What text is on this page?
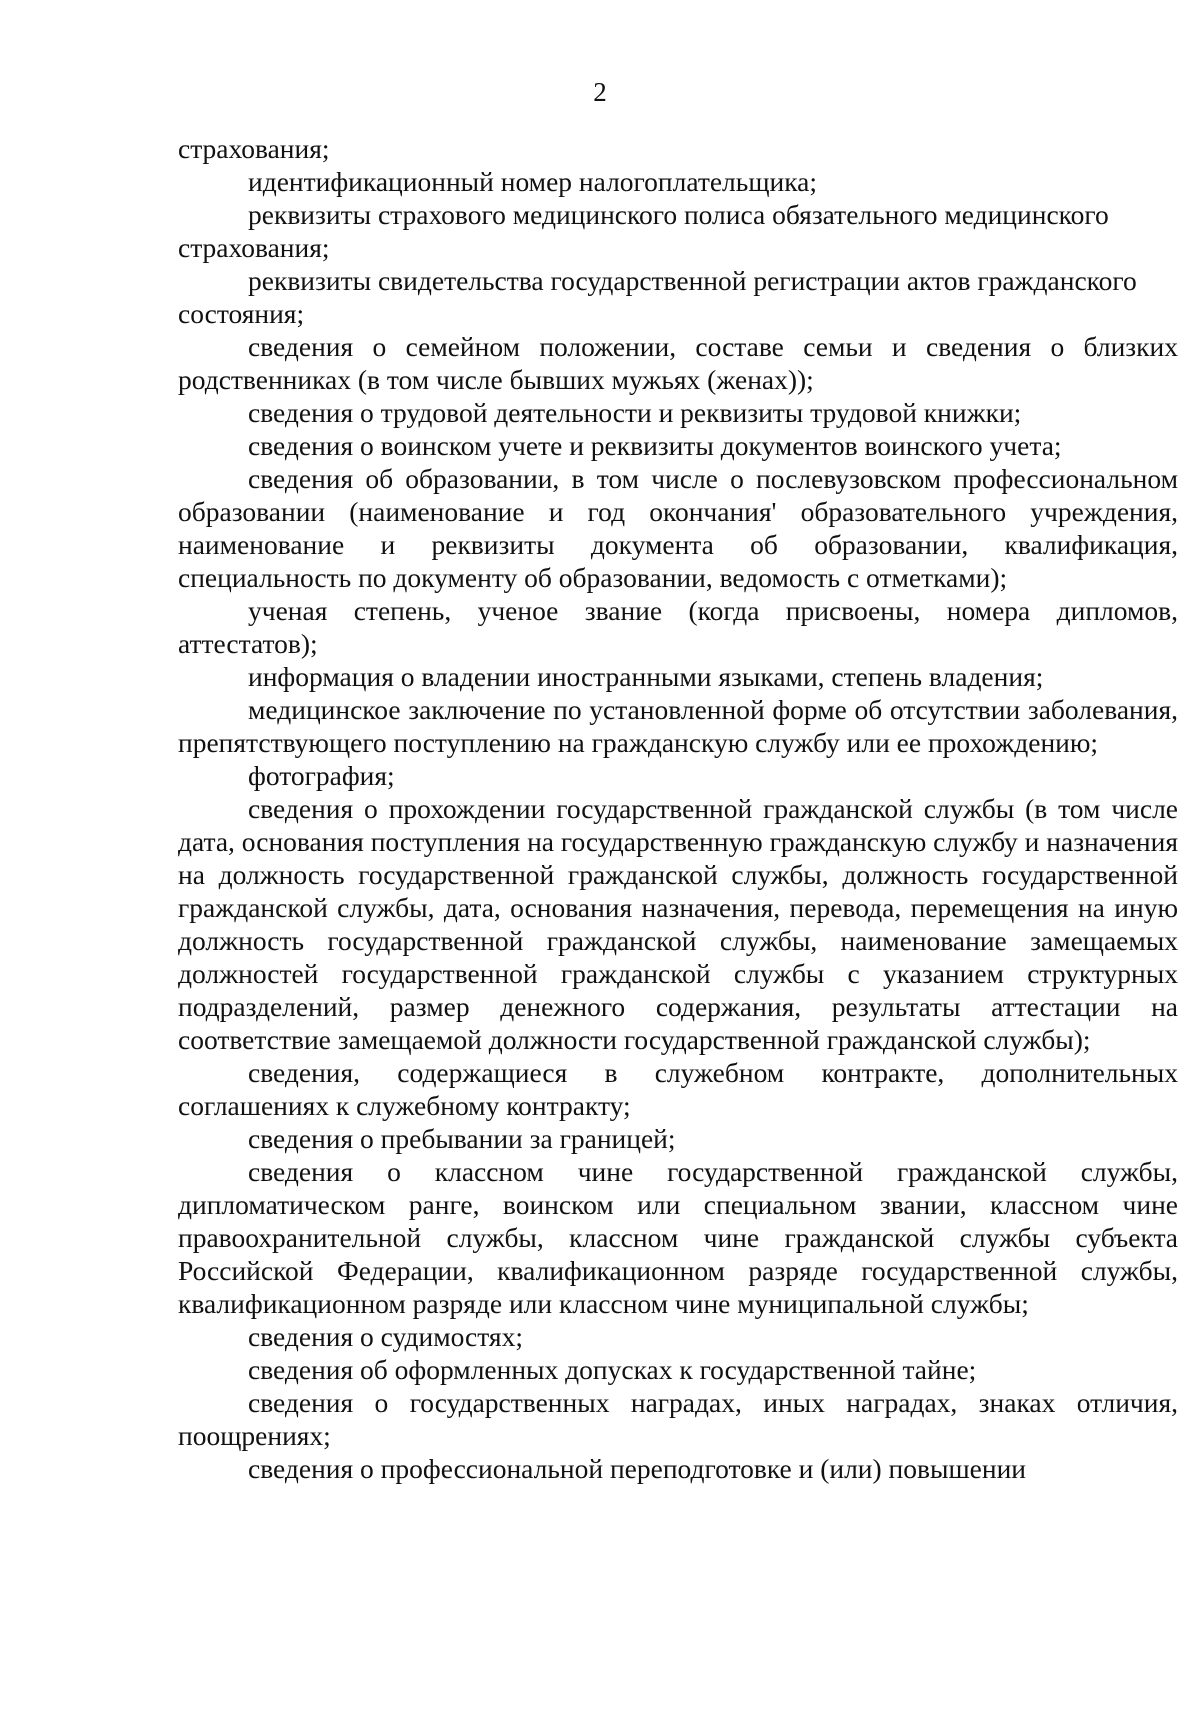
2

страхования;

идентификационный номер налогоплательщика;

реквизиты страхового медицинского полиса обязательного медицинского страхования;

реквизиты свидетельства государственной регистрации актов гражданского состояния;

сведения о семейном положении, составе семьи и сведения о близких родственниках (в том числе бывших мужьях (женах));

сведения о трудовой деятельности и реквизиты трудовой книжки;

сведения о воинском учете и реквизиты документов воинского учета;

сведения об образовании, в том числе о послевузовском профессиональном образовании (наименование и год окончания' образовательного учреждения, наименование и реквизиты документа об образовании, квалификация, специальность по документу об образовании, ведомость с отметками);

ученая степень, ученое звание (когда присвоены, номера дипломов, аттестатов);

информация о владении иностранными языками, степень владения;

медицинское заключение по установленной форме об отсутствии заболевания, препятствующего поступлению на гражданскую службу или ее прохождению;

фотография;

сведения о прохождении государственной гражданской службы (в том числе дата, основания поступления на государственную гражданскую службу и назначения на должность государственной гражданской службы, должность государственной гражданской службы, дата, основания назначения, перевода, перемещения на иную должность государственной гражданской службы, наименование замещаемых должностей государственной гражданской службы с указанием структурных подразделений, размер денежного содержания, результаты аттестации на соответствие замещаемой должности государственной гражданской службы);

сведения, содержащиеся в служебном контракте, дополнительных соглашениях к служебному контракту;

сведения о пребывании за границей;

сведения о классном чине государственной гражданской службы, дипломатическом ранге, воинском или специальном звании, классном чине правоохранительной службы, классном чине гражданской службы субъекта Российской Федерации, квалификационном разряде государственной службы, квалификационном разряде или классном чине муниципальной службы;

сведения о судимостях;

сведения об оформленных допусках к государственной тайне;

сведения о государственных наградах, иных наградах, знаках отличия, поощрениях;

сведения о профессиональной переподготовке и (или) повышении
